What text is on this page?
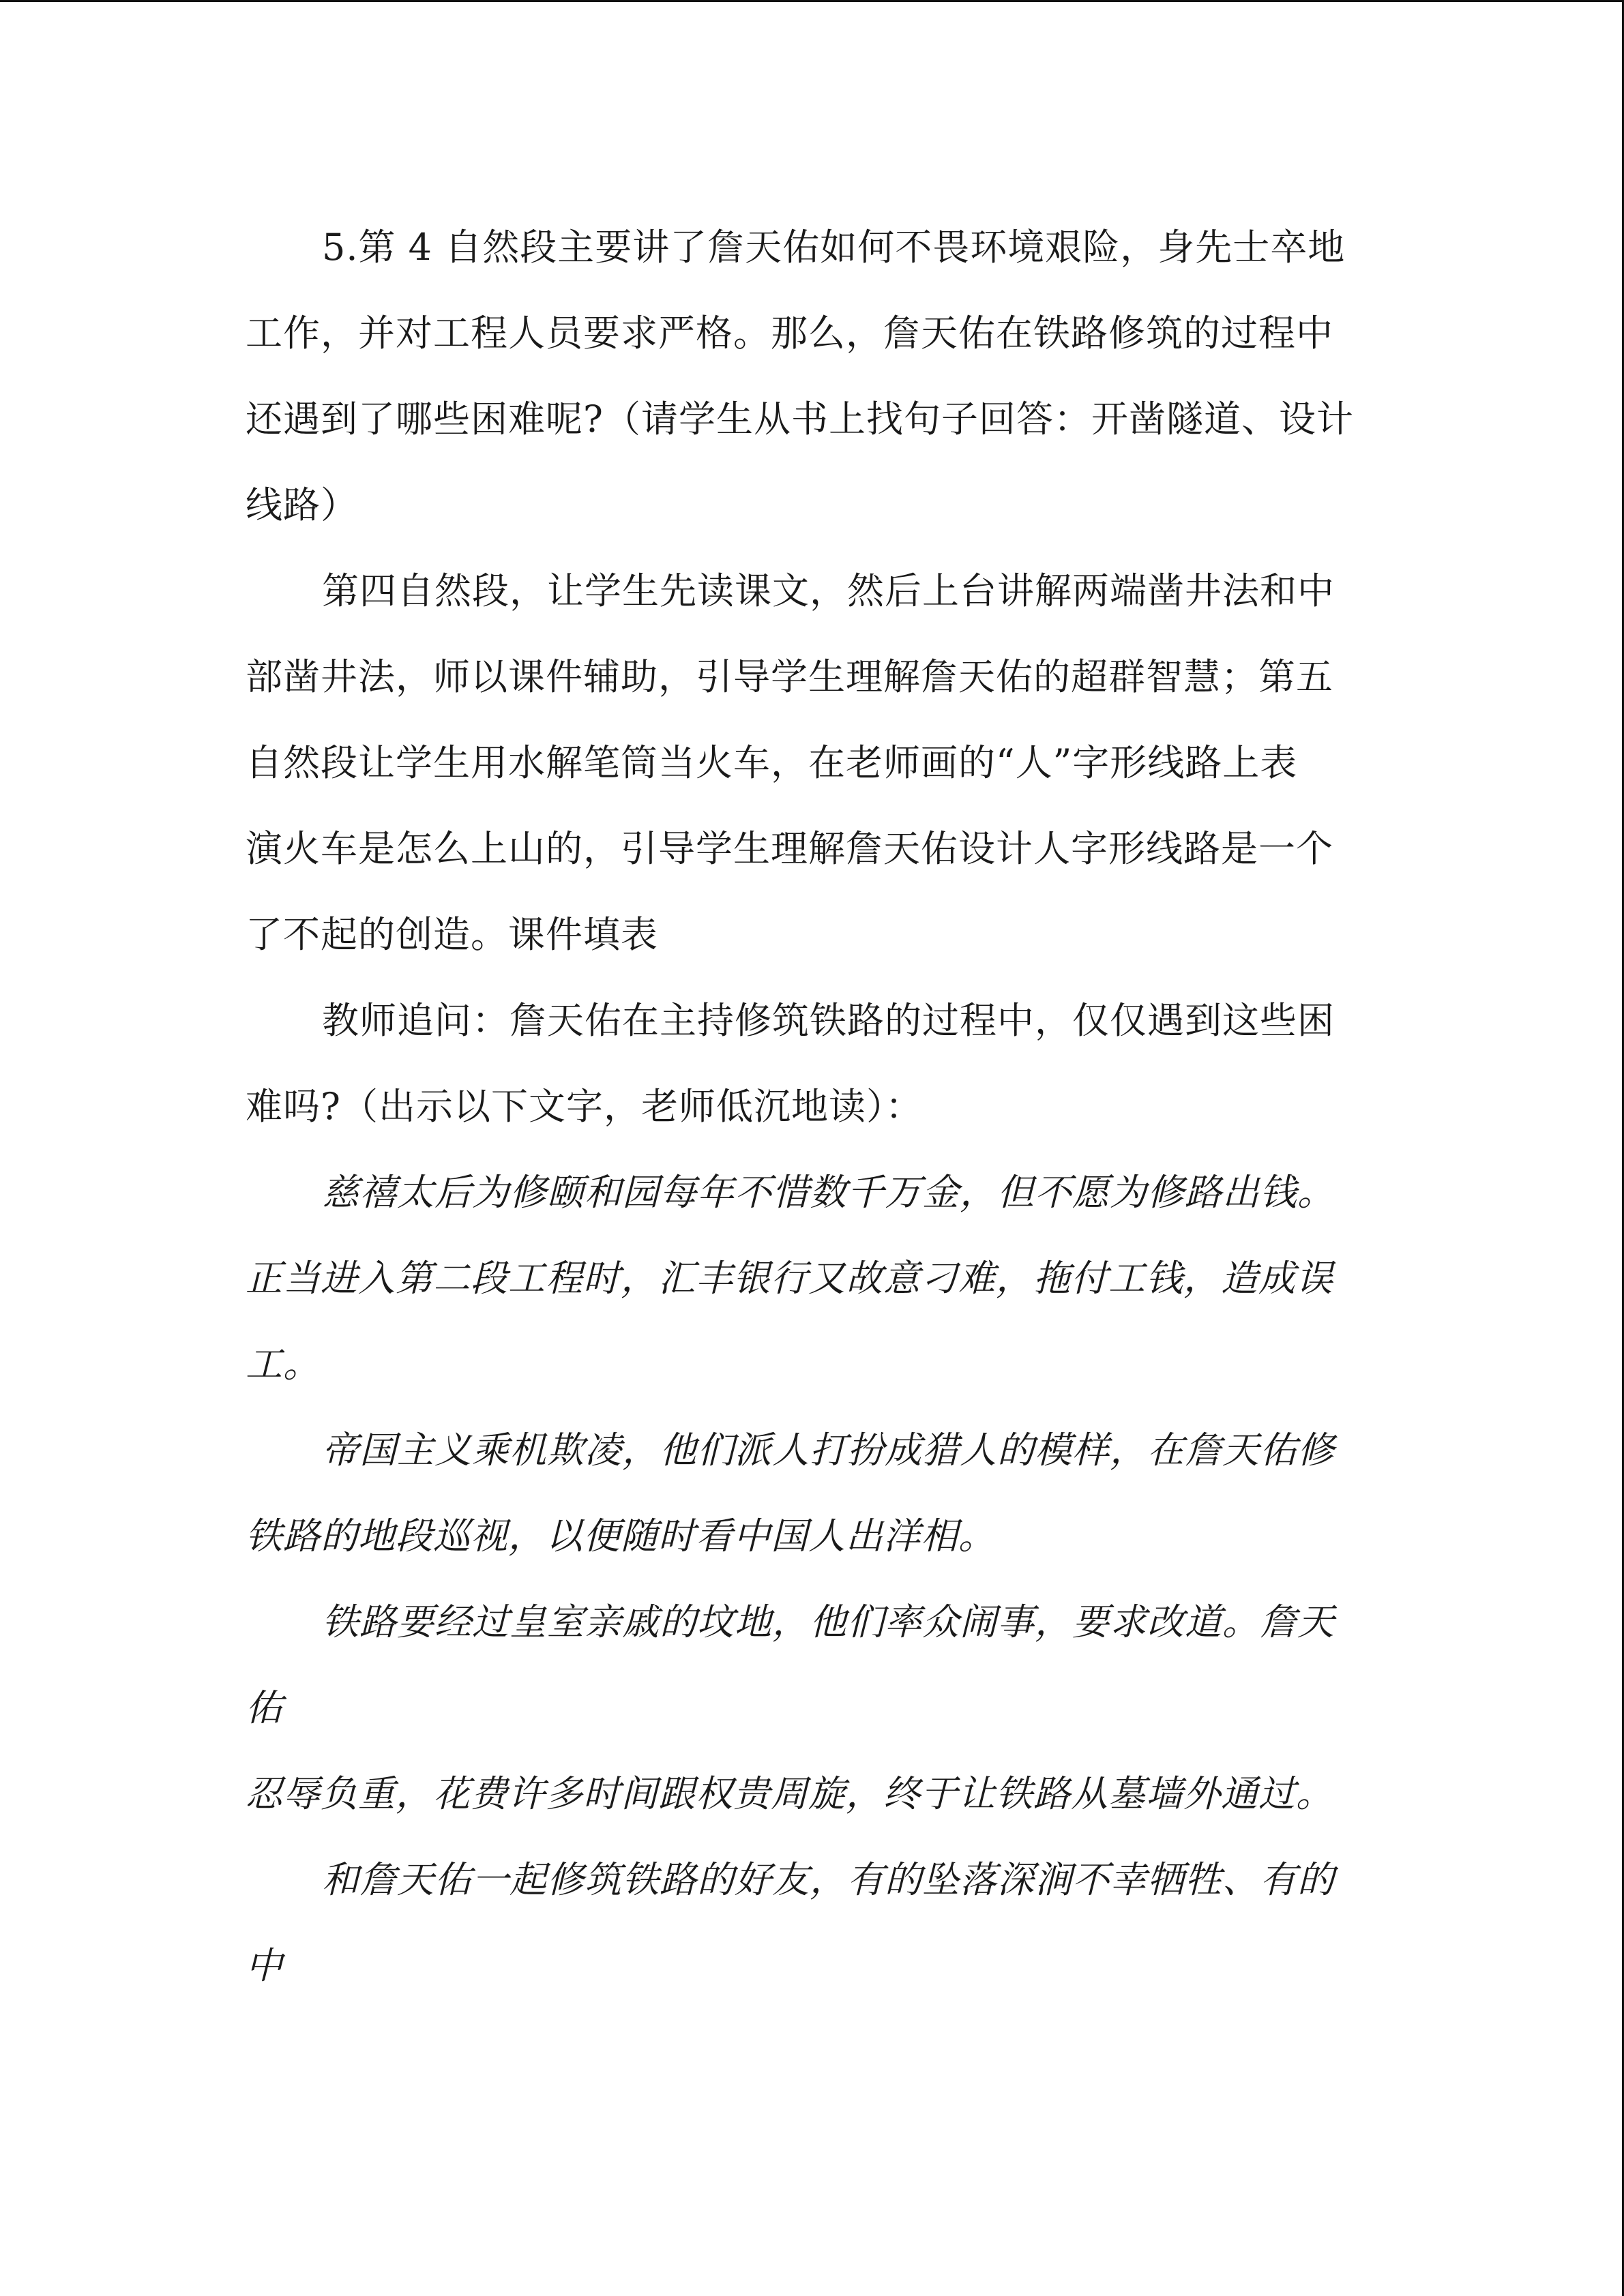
5.第 4 自然段主要讲了詹天佑如何不畏环境艰险，身先士卒地
工作，并对工程人员要求严格。那么，詹天佑在铁路修筑的过程中
还遇到了哪些困难呢?（请学生从书上找句子回答：开凿隧道、设计
线路）
第四自然段，让学生先读课文，然后上台讲解两端凿井法和中
部凿井法，师以课件辅助，引导学生理解詹天佑的超群智慧；第五
自然段让学生用水解笔筒当火车，在老师画的“人”字形线路上表
演火车是怎么上山的，引导学生理解詹天佑设计人字形线路是一个
了不起的创造。课件填表
教师追问：詹天佑在主持修筑铁路的过程中，仅仅遇到这些困
难吗?（出示以下文字，老师低沉地读）：
慈禧太后为修颐和园每年不惜数千万金，但不愿为修路出钱。
正当进入第二段工程时，汇丰银行又故意刁难，拖付工钱，造成误
工。
帝国主义乘机欺凌，他们派人打扮成猎人的模样，在詹天佑修
铁路的地段巡视，以便随时看中国人出洋相。
铁路要经过皇室亲戚的坟地，他们率众闹事，要求改道。詹天
佑
忍辱负重，花费许多时间跟权贵周旋，终于让铁路从墓墙外通过。
和詹天佑一起修筑铁路的好友，有的坠落深涧不幸牺牲、有的
中
